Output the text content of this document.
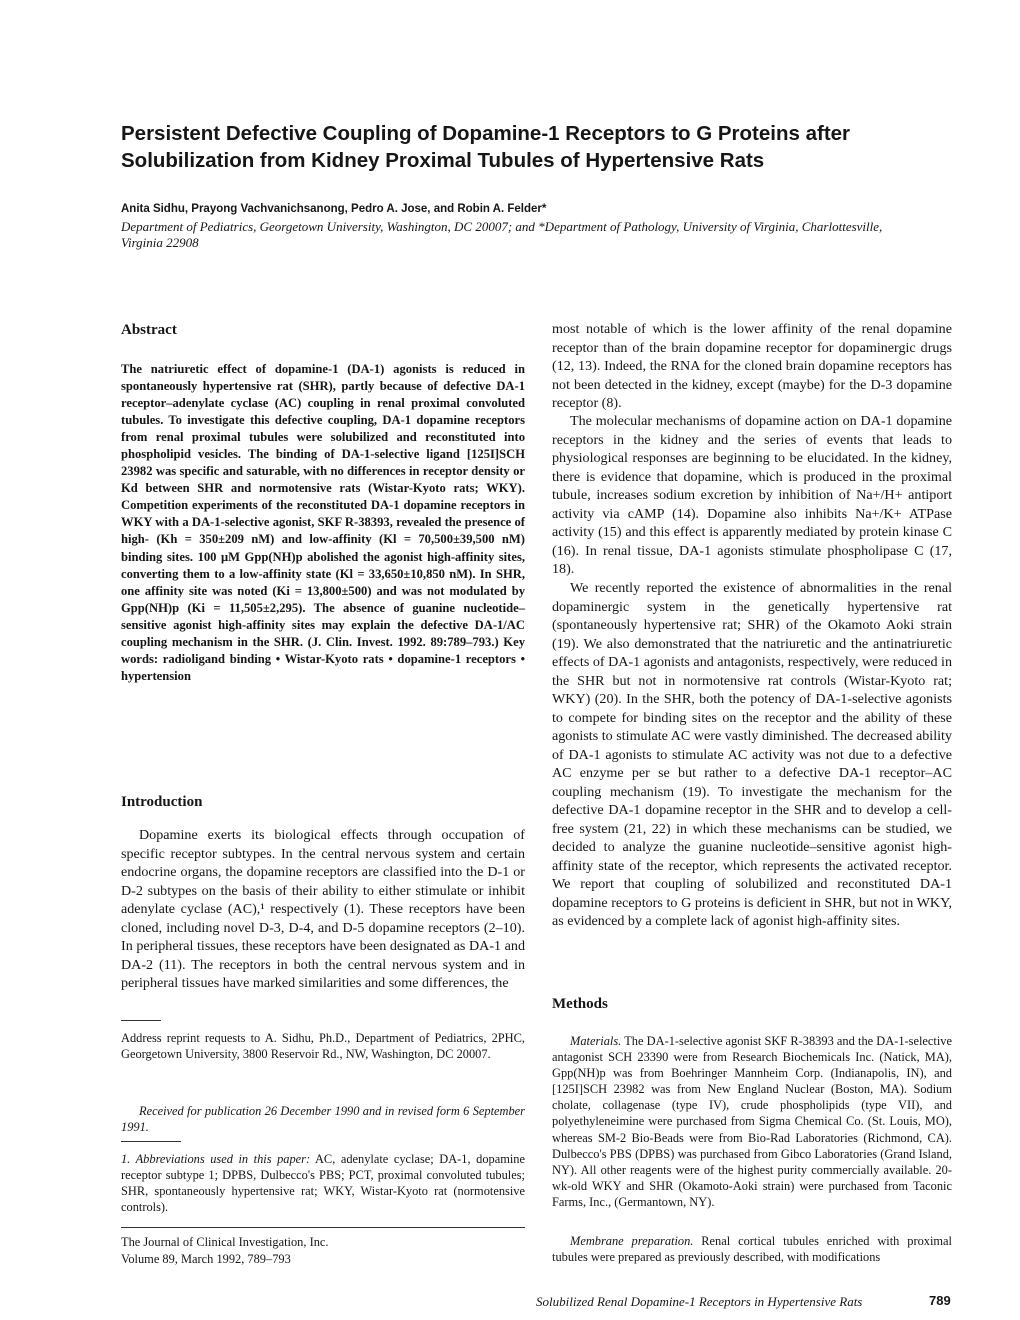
Persistent Defective Coupling of Dopamine-1 Receptors to G Proteins after Solubilization from Kidney Proximal Tubules of Hypertensive Rats

Anita Sidhu, Prayong Vachvanichsanong, Pedro A. Jose, and Robin A. Felder*

Department of Pediatrics, Georgetown University, Washington, DC 20007; and *Department of Pathology, University of Virginia, Charlottesville, Virginia 22908

Abstract

The natriuretic effect of dopamine-1 (DA-1) agonists is reduced in spontaneously hypertensive rat (SHR), partly because of defective DA-1 receptor–adenylate cyclase (AC) coupling in renal proximal convoluted tubules. To investigate this defective coupling, DA-1 dopamine receptors from renal proximal tubules were solubilized and reconstituted into phospholipid vesicles. The binding of DA-1-selective ligand [125I]SCH 23982 was specific and saturable, with no differences in receptor density or Kd between SHR and normotensive rats (Wistar-Kyoto rats; WKY). Competition experiments of the reconstituted DA-1 dopamine receptors in WKY with a DA-1-selective agonist, SKF R-38393, revealed the presence of high- (Kh = 350±209 nM) and low-affinity (Kl = 70,500±39,500 nM) binding sites. 100 μM Gpp(NH)p abolished the agonist high-affinity sites, converting them to a low-affinity state (Kl = 33,650±10,850 nM). In SHR, one affinity site was noted (Ki = 13,800±500) and was not modulated by Gpp(NH)p (Ki = 11,505±2,295). The absence of guanine nucleotide–sensitive agonist high-affinity sites may explain the defective DA-1/AC coupling mechanism in the SHR. (J. Clin. Invest. 1992. 89:789–793.) Key words: radioligand binding • Wistar-Kyoto rats • dopamine-1 receptors • hypertension

Introduction

Dopamine exerts its biological effects through occupation of specific receptor subtypes. In the central nervous system and certain endocrine organs, the dopamine receptors are classified into the D-1 or D-2 subtypes on the basis of their ability to either stimulate or inhibit adenylate cyclase (AC),¹ respectively (1). These receptors have been cloned, including novel D-3, D-4, and D-5 dopamine receptors (2–10). In peripheral tissues, these receptors have been designated as DA-1 and DA-2 (11). The receptors in both the central nervous system and in peripheral tissues have marked similarities and some differences, the

Address reprint requests to A. Sidhu, Ph.D., Department of Pediatrics, 2PHC, Georgetown University, 3800 Reservoir Rd., NW, Washington, DC 20007.

Received for publication 26 December 1990 and in revised form 6 September 1991.

1. Abbreviations used in this paper: AC, adenylate cyclase; DA-1, dopamine receptor subtype 1; DPBS, Dulbecco's PBS; PCT, proximal convoluted tubules; SHR, spontaneously hypertensive rat; WKY, Wistar-Kyoto rat (normotensive controls).

The Journal of Clinical Investigation, Inc.

Volume 89, March 1992, 789–793

most notable of which is the lower affinity of the renal dopamine receptor than of the brain dopamine receptor for dopaminergic drugs (12, 13). Indeed, the RNA for the cloned brain dopamine receptors has not been detected in the kidney, except (maybe) for the D-3 dopamine receptor (8).

The molecular mechanisms of dopamine action on DA-1 dopamine receptors in the kidney and the series of events that leads to physiological responses are beginning to be elucidated. In the kidney, there is evidence that dopamine, which is produced in the proximal tubule, increases sodium excretion by inhibition of Na+/H+ antiport activity via cAMP (14). Dopamine also inhibits Na+/K+ ATPase activity (15) and this effect is apparently mediated by protein kinase C (16). In renal tissue, DA-1 agonists stimulate phospholipase C (17, 18).

We recently reported the existence of abnormalities in the renal dopaminergic system in the genetically hypertensive rat (spontaneously hypertensive rat; SHR) of the Okamoto Aoki strain (19). We also demonstrated that the natriuretic and the antinatriuretic effects of DA-1 agonists and antagonists, respectively, were reduced in the SHR but not in normotensive rat controls (Wistar-Kyoto rat; WKY) (20). In the SHR, both the potency of DA-1-selective agonists to compete for binding sites on the receptor and the ability of these agonists to stimulate AC were vastly diminished. The decreased ability of DA-1 agonists to stimulate AC activity was not due to a defective AC enzyme per se but rather to a defective DA-1 receptor–AC coupling mechanism (19). To investigate the mechanism for the defective DA-1 dopamine receptor in the SHR and to develop a cell-free system (21, 22) in which these mechanisms can be studied, we decided to analyze the guanine nucleotide–sensitive agonist high-affinity state of the receptor, which represents the activated receptor. We report that coupling of solubilized and reconstituted DA-1 dopamine receptors to G proteins is deficient in SHR, but not in WKY, as evidenced by a complete lack of agonist high-affinity sites.

Methods

Materials. The DA-1-selective agonist SKF R-38393 and the DA-1-selective antagonist SCH 23390 were from Research Biochemicals Inc. (Natick, MA), Gpp(NH)p was from Boehringer Mannheim Corp. (Indianapolis, IN), and [125I]SCH 23982 was from New England Nuclear (Boston, MA). Sodium cholate, collagenase (type IV), crude phospholipids (type VII), and polyethyleneimine were purchased from Sigma Chemical Co. (St. Louis, MO), whereas SM-2 Bio-Beads were from Bio-Rad Laboratories (Richmond, CA). Dulbecco's PBS (DPBS) was purchased from Gibco Laboratories (Grand Island, NY). All other reagents were of the highest purity commercially available. 20-wk-old WKY and SHR (Okamoto-Aoki strain) were purchased from Taconic Farms, Inc., (Germantown, NY).

Membrane preparation. Renal cortical tubules enriched with proximal tubules were prepared as previously described, with modifications

Solubilized Renal Dopamine-1 Receptors in Hypertensive Rats	789
